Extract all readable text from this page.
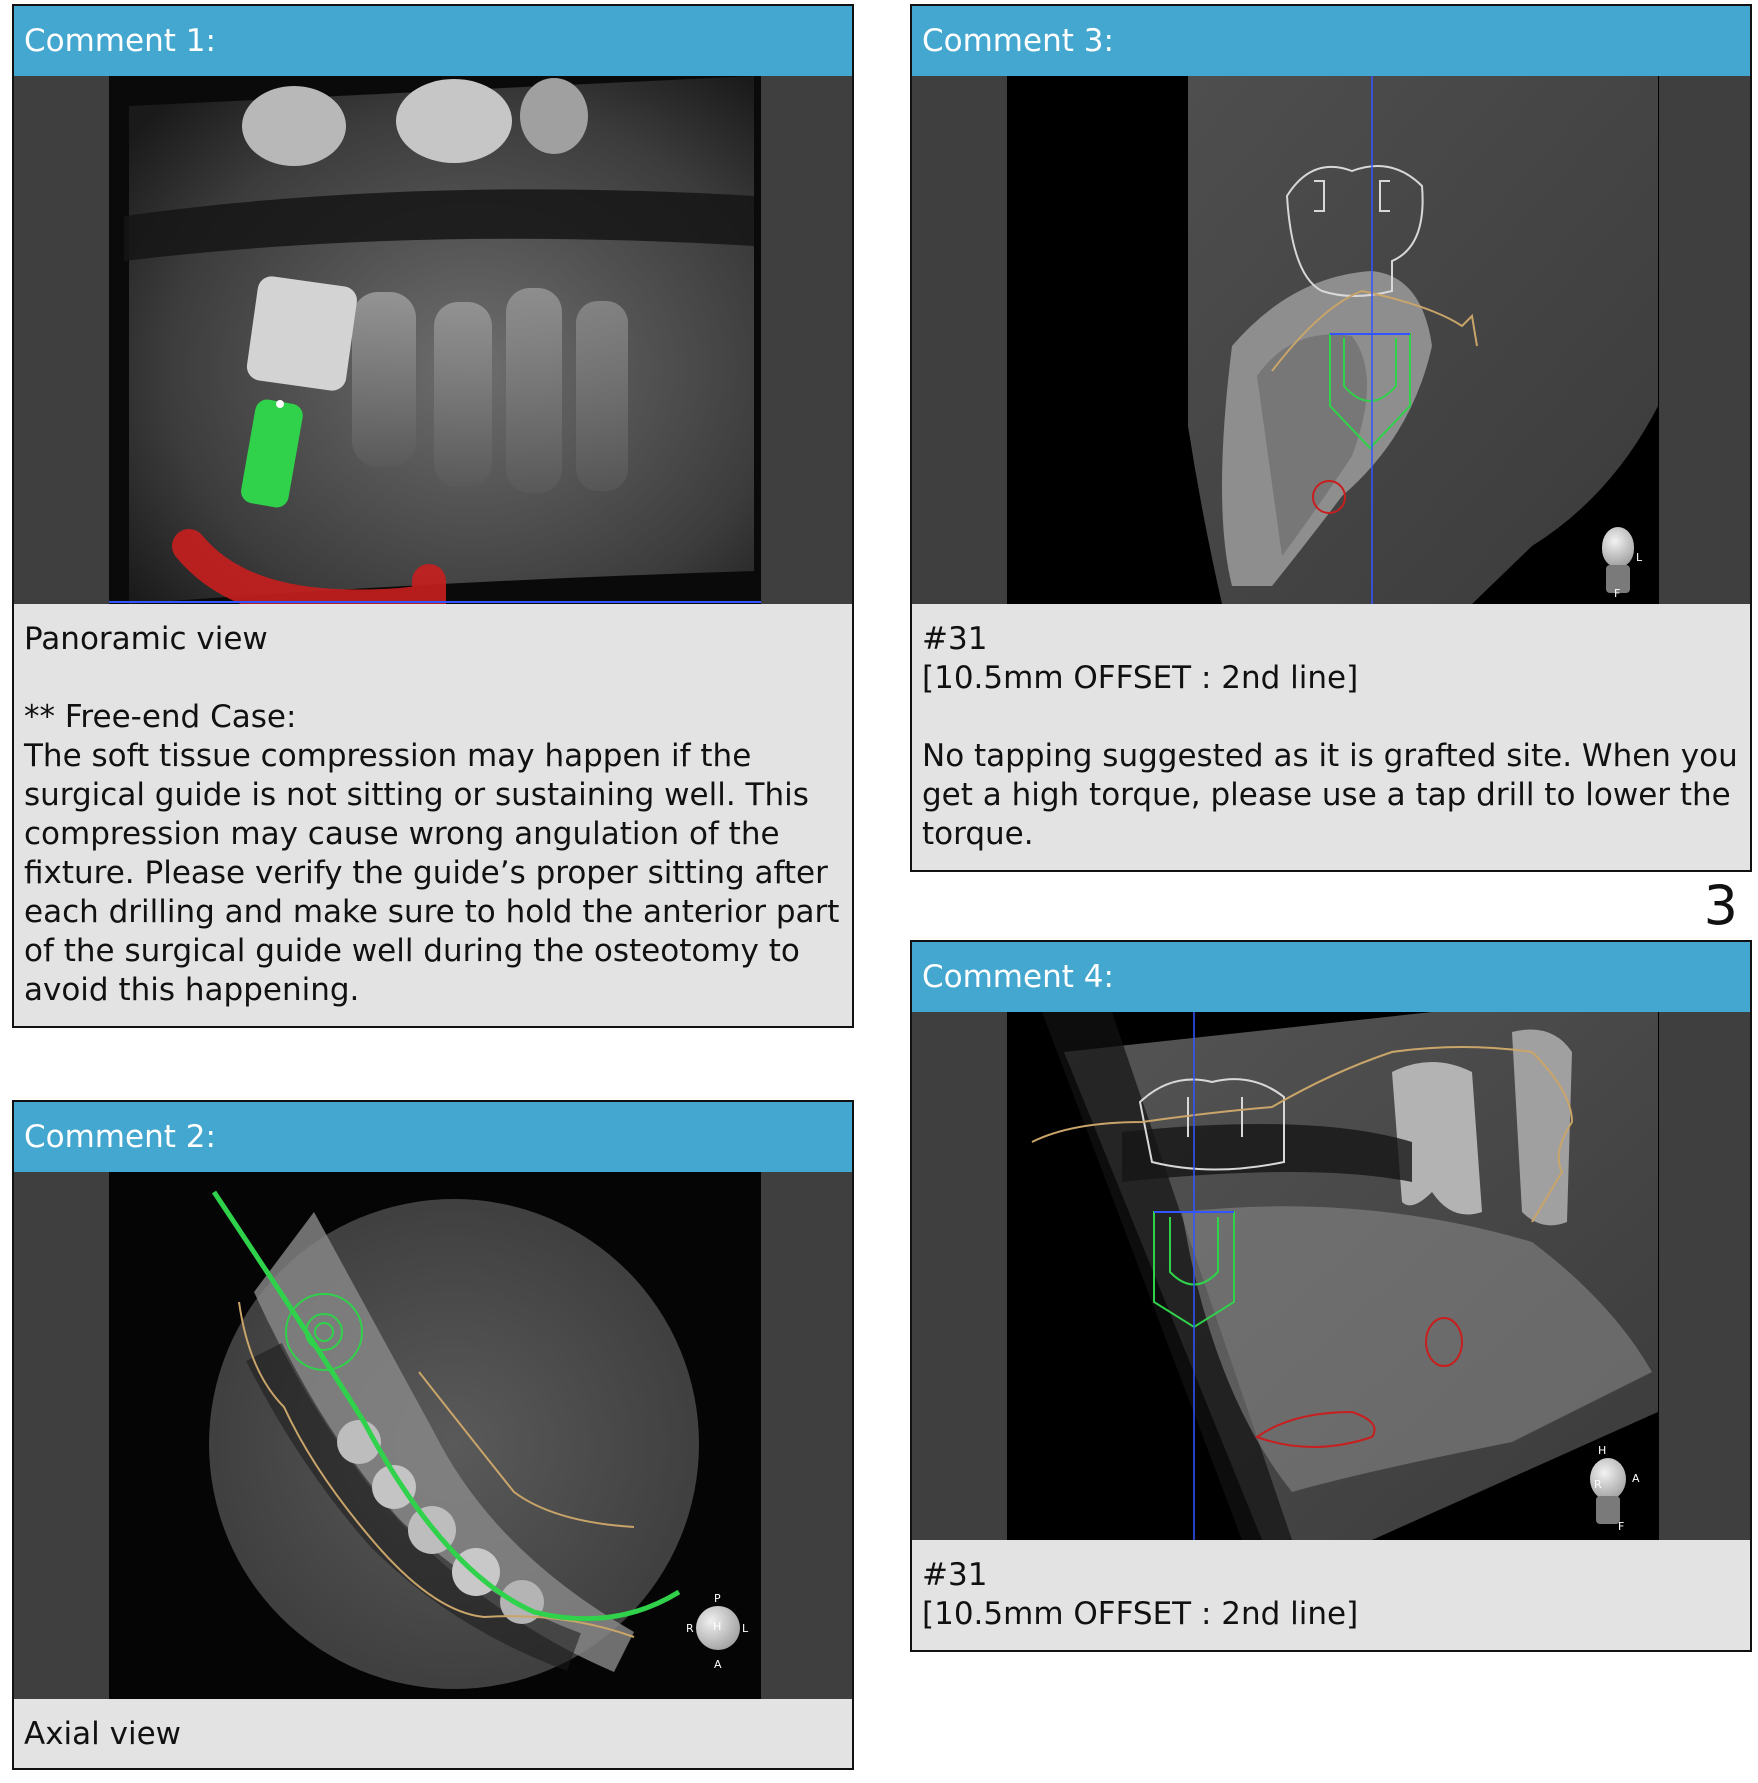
Comment 1:
Panoramic view

** Free-end Case:
The soft tissue compression may happen if the surgical guide is not sitting or sustaining well. This compression may cause wrong angulation of the fixture. Please verify the guide’s proper sitting after each drilling and make sure to hold the anterior part of the surgical guide well during the osteotomy to avoid this happening.
Comment 2:
P
R H L
A
Axial view
Comment 3:
L
F
#31
[10.5mm OFFSET : 2nd line]

No tapping suggested as it is grafted site. When you get a high torque, please use a tap drill to lower the torque.
3
Comment 4:
H
A
R
F
#31
[10.5mm OFFSET : 2nd line]
